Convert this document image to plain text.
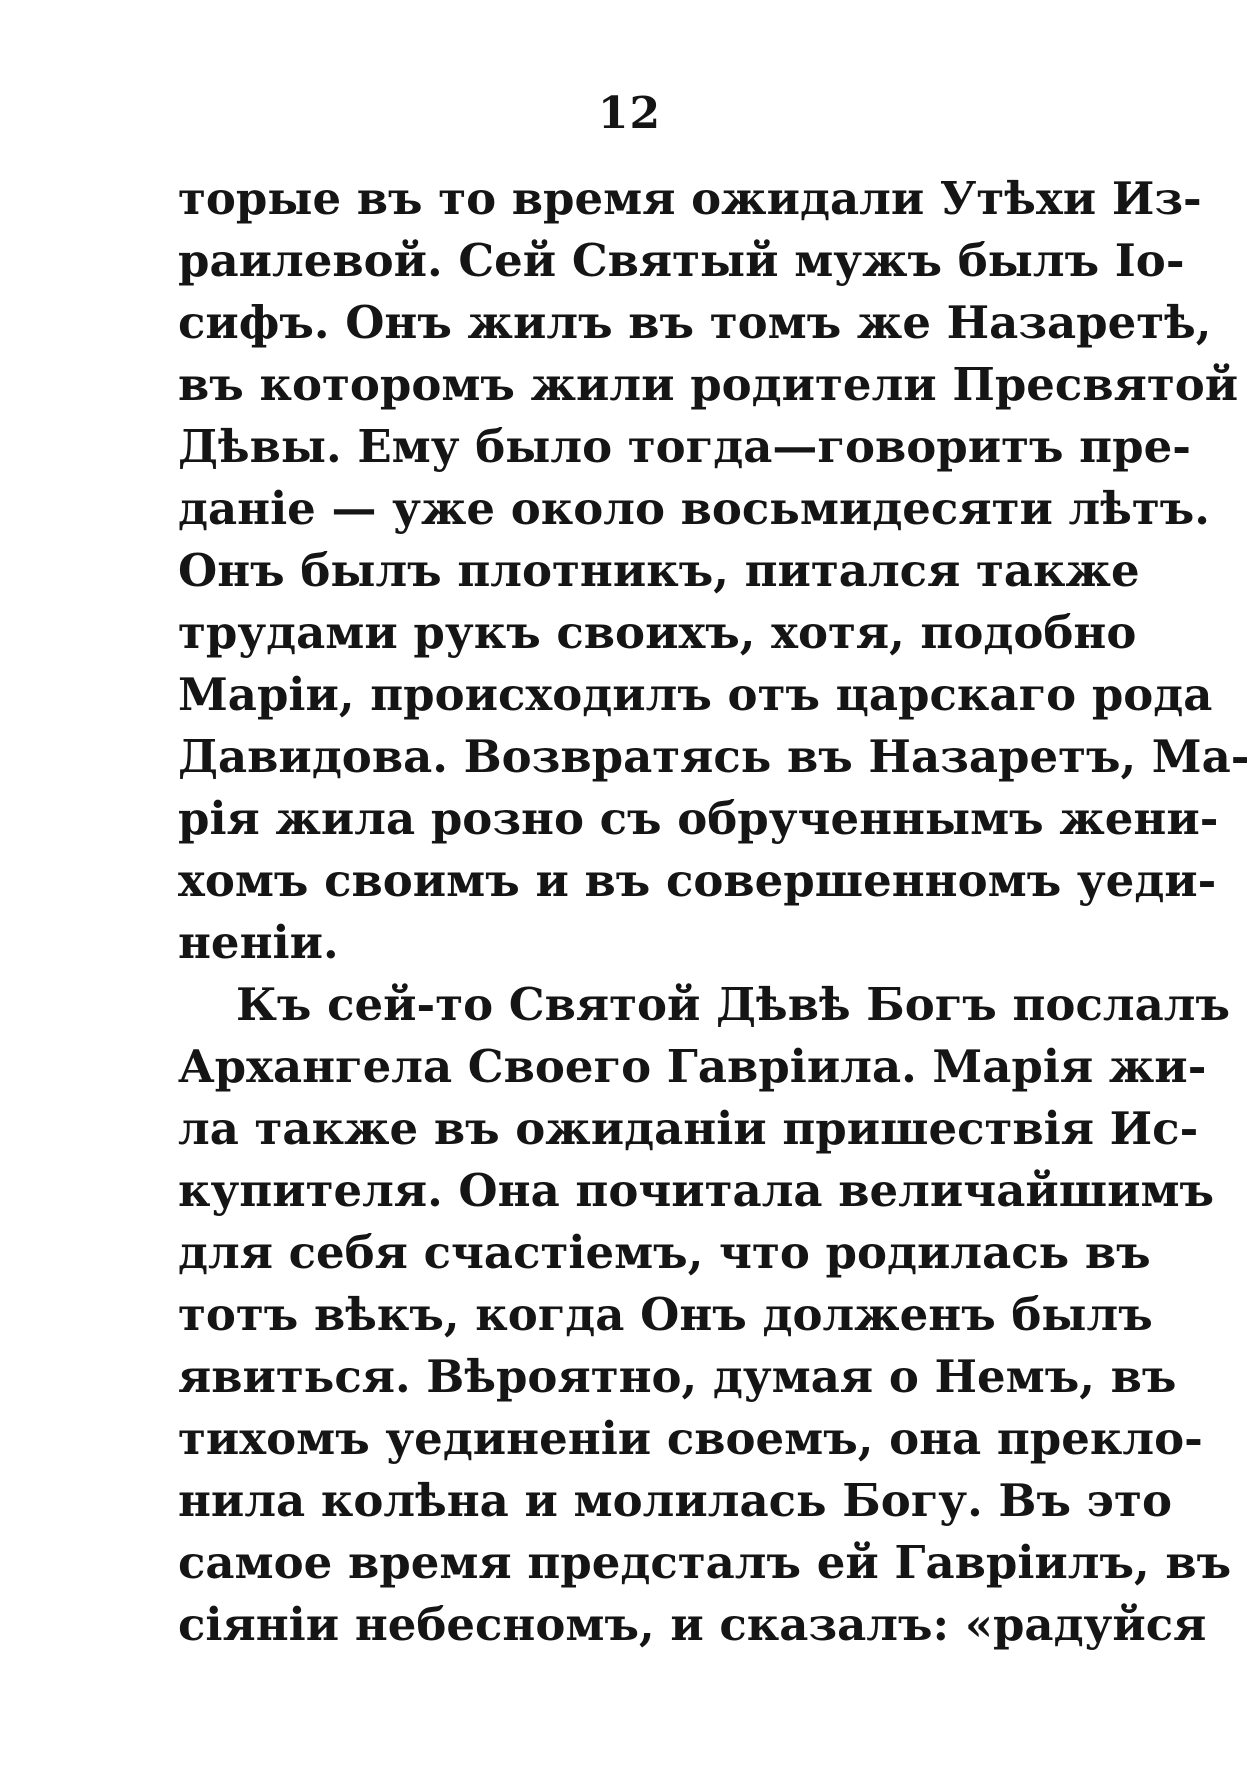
12
торые въ то время ожидали Утѣхи Из-
раилевой. Сей Святый мужъ былъ Іо-
сифъ. Онъ жилъ въ томъ же Назаретѣ,
въ которомъ жили родители Пресвятой
Дѣвы. Ему было тогда—говоритъ пре-
даніе — уже около восьмидесяти лѣтъ.
Онъ былъ плотникъ, питался также
трудами рукъ своихъ, хотя, подобно
Маріи, происходилъ отъ царскаго рода
Давидова. Возвратясь въ Назаретъ, Ма-
рія жила розно съ обрученнымъ жени-
хомъ своимъ и въ совершенномъ уеди-
неніи.
Къ сей-то Святой Дѣвѣ Богъ послалъ
Архангела Своего Гавріила. Марія жи-
ла также въ ожиданіи пришествія Ис-
купителя. Она почитала величайшимъ
для себя счастіемъ, что родилась въ
тотъ вѣкъ, когда Онъ долженъ былъ
явиться. Вѣроятно, думая о Немъ, въ
тихомъ уединеніи своемъ, она преклo-
нила колѣна и молилась Богу. Въ это
самое время предсталъ ей Гавріилъ, въ
сіяніи небесномъ, и сказалъ: «радуйся
